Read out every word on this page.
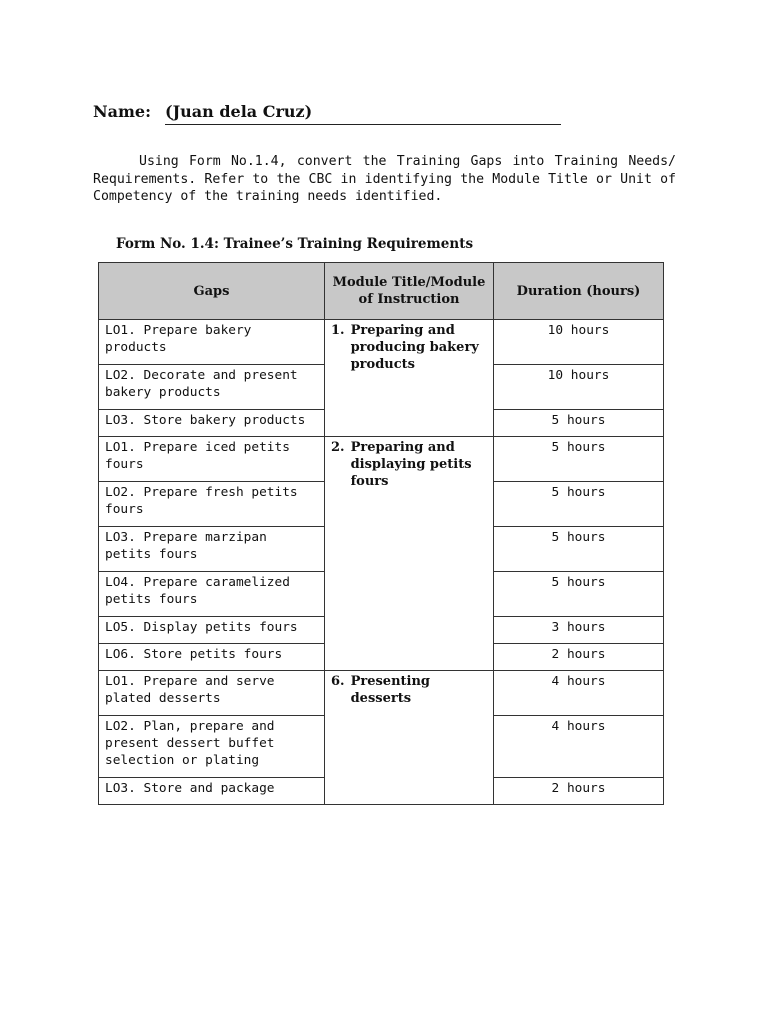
Name: (Juan dela Cruz)

Using Form No.1.4, convert the Training Gaps into Training Needs/ Requirements. Refer to the CBC in identifying the Module Title or Unit of Competency of the training needs identified.

Form No. 1.4: Trainee’s Training Requirements
Gaps	Module Title/Module of Instruction	Duration (hours)
LO1. Prepare bakery products	1. Preparing and producing bakery products	10 hours
LO2. Decorate and present bakery products		10 hours
LO3. Store bakery products		5 hours
LO1. Prepare iced petits fours	2. Preparing and displaying petits fours	5 hours
LO2. Prepare fresh petits fours		5 hours
LO3. Prepare marzipan petits fours		5 hours
LO4. Prepare caramelized petits fours		5 hours
LO5. Display petits fours		3 hours
LO6. Store petits fours		2 hours
LO1. Prepare and serve plated desserts	6. Presenting desserts	4 hours
LO2. Plan, prepare and present dessert buffet selection or plating		4 hours
LO3. Store and package		2 hours
